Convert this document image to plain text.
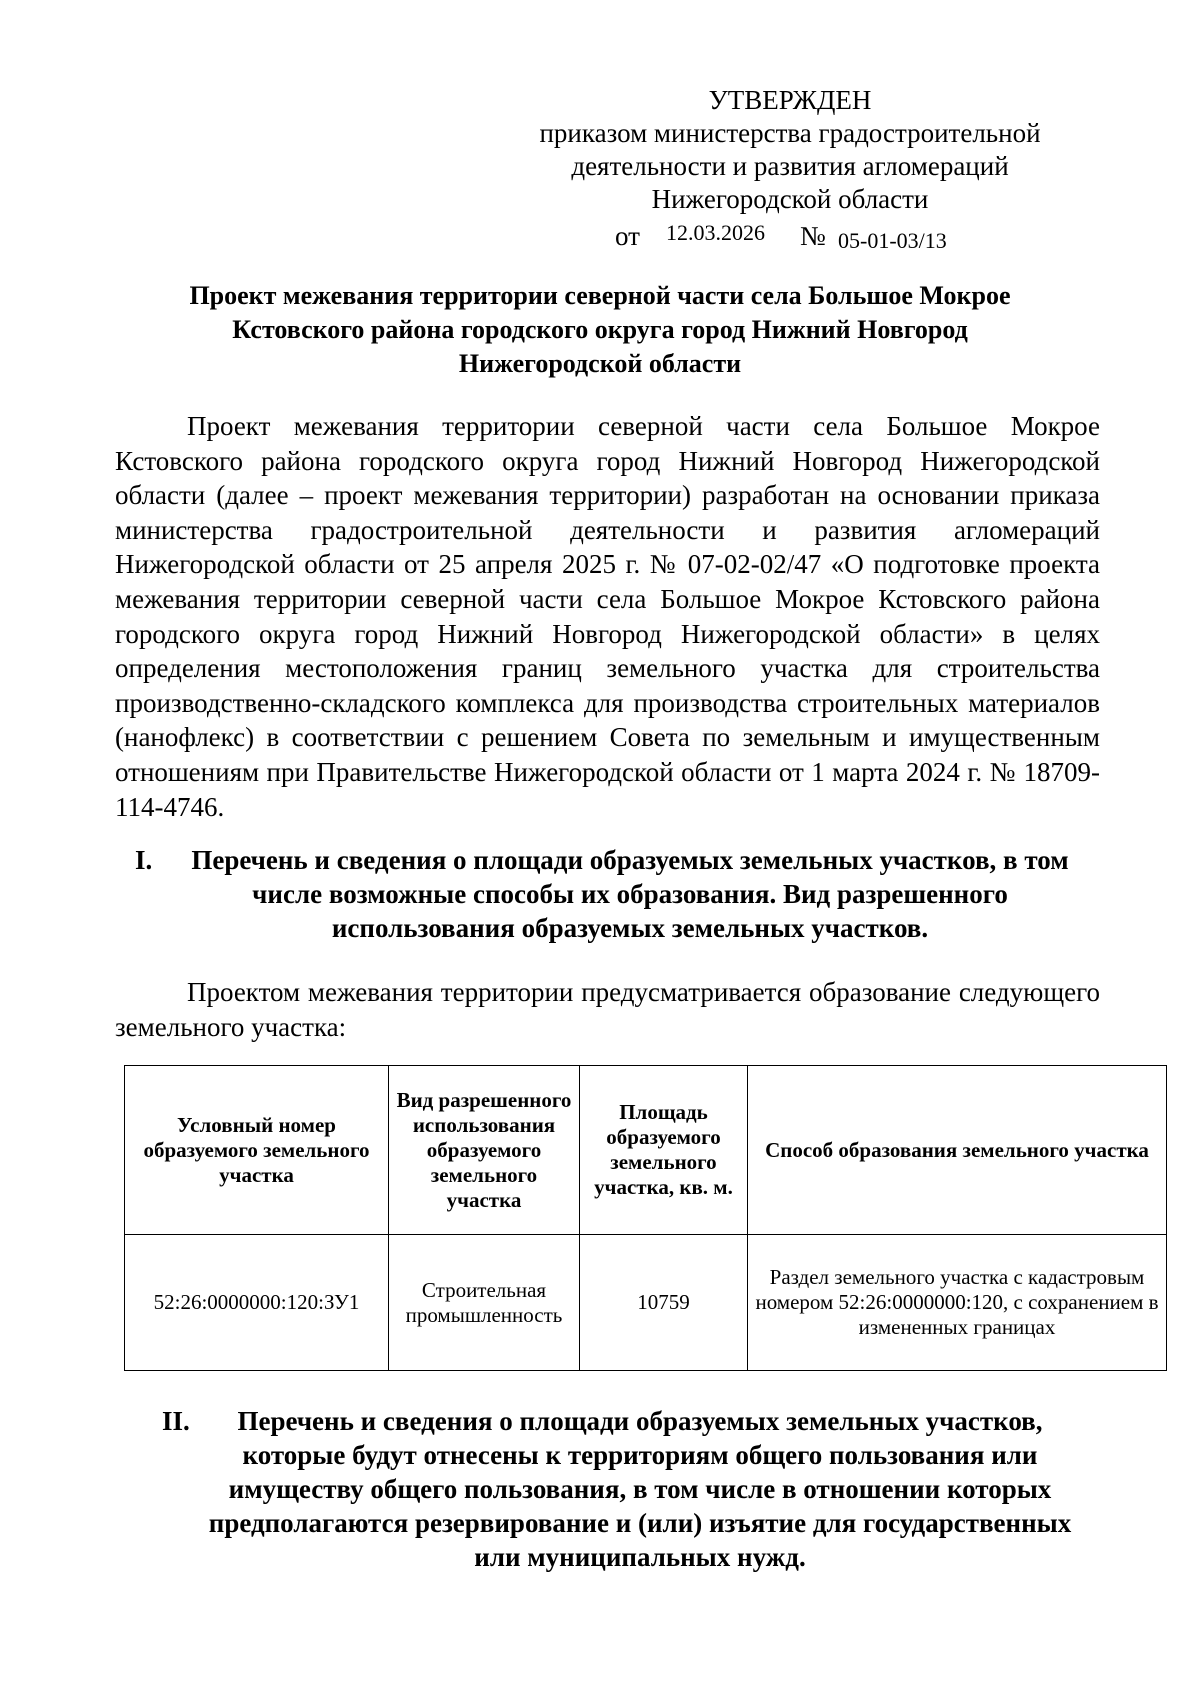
УТВЕРЖДЕН
приказом министерства градостроительной
деятельности и развития агломераций
Нижегородской области
от 12.03.2026 № 05-01-03/13
Проект межевания территории северной части села Большое Мокрое
Кстовского района городского округа город Нижний Новгород
Нижегородской области

Проект межевания территории северной части села Большое Мокрое Кстовского района городского округа город Нижний Новгород Нижегородской области (далее – проект межевания территории) разработан на основании приказа министерства градостроительной деятельности и развития агломераций Нижегородской области от 25 апреля 2025 г. № 07-02-02/47 «О подготовке проекта межевания территории северной части села Большое Мокрое Кстовского района городского округа город Нижний Новгород Нижегородской области» в целях определения местоположения границ земельного участка для строительства производственно-складского комплекса для производства строительных материалов (нанофлекс) в соответствии с решением Совета по земельным и имущественным отношениям при Правительстве Нижегородской области от 1 марта 2024 г. № 18709-114-4746.

I.	Перечень и сведения о площади образуемых земельных участков, в том
числе возможные способы их образования. Вид разрешенного
использования образуемых земельных участков.

Проектом межевания территории предусматривается образование следующего земельного участка:

Условный номер образуемого земельного участка	Вид разрешенного использования образуемого земельного участка	Площадь образуемого земельного участка, кв. м.	Способ образования земельного участка
52:26:0000000:120:ЗУ1	Строительная промышленность	10759	Раздел земельного участка с кадастровым номером 52:26:0000000:120, с сохранением в измененных границах
II.	Перечень и сведения о площади образуемых земельных участков,
которые будут отнесены к территориям общего пользования или
имуществу общего пользования, в том числе в отношении которых
предполагаются резервирование и (или) изъятие для государственных
или муниципальных нужд.
